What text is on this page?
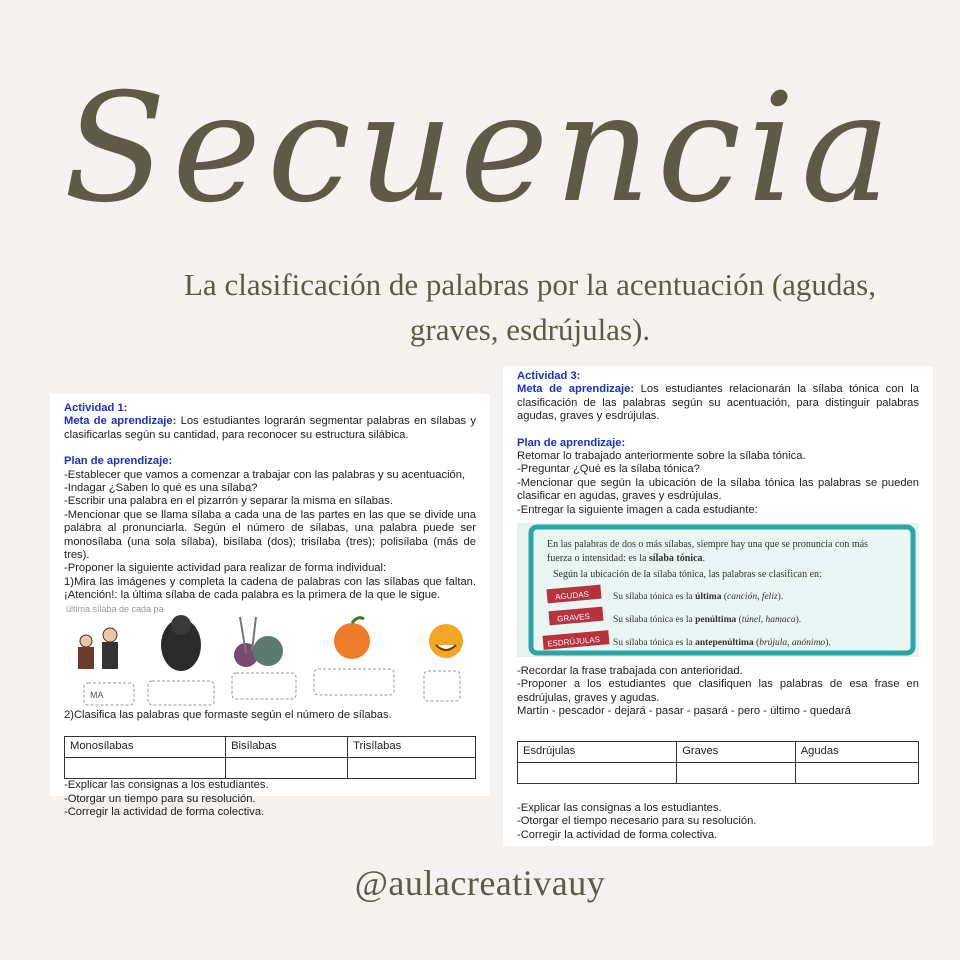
Secuencia
La clasificación de palabras por la acentuación (agudas,
graves, esdrújulas).

Actividad 1:

Meta de aprendizaje: Los estudiantes lograrán segmentar palabras en sílabas y clasificarlas según su cantidad, para reconocer su estructura silábica.

Plan de aprendizaje:

-Establecer que vamos a comenzar a trabajar con las palabras y su acentuación,

-Indagar ¿Saben lo qué es una sílaba?

-Escribir una palabra en el pizarrón y separar la misma en sílabas.

-Mencionar que se llama sílaba a cada una de las partes en las que se divide una palabra al pronunciarla. Según el número de sílabas, una palabra puede ser monosílaba (una sola sílaba), bisílaba (dos); trisílaba (tres); polisílaba (más de tres).

-Proponer la siguiente actividad para realizar de forma individual:

1)Mira las imágenes y completa la cadena de palabras con las sílabas que faltan. ¡Atención!: la última sílaba de cada palabra es la primera de la que le sigue.

última sílaba de cada pa
MA

2)Clasifica las palabras que formaste según el número de sílabas.

Monosílabas	Bisílabas	Trisílabas

-Explicar las consignas a los estudiantes.

-Otorgar un tiempo para su resolución.

-Corregir la actividad de forma colectiva.

Actividad 3:

Meta de aprendizaje: Los estudiantes relacionarán la sílaba tónica con la clasificación de las palabras según su acentuación, para distinguir palabras agudas, graves y esdrújulas.

Plan de aprendizaje:

Retomar lo trabajado anteriormente sobre la sílaba tónica.

-Preguntar ¿Qué es la sílaba tónica?

-Mencionar que según la ubicación de la sílaba tónica las palabras se pueden clasificar en agudas, graves y esdrújulas.

-Entregar la siguiente imagen a cada estudiante:

En las palabras de dos o más sílabas, siempre hay una que se pronuncia con más
fuerza o intensidad: es la sílaba tónica.
Según la ubicación de la sílaba tónica, las palabras se clasifican en:
AGUDAS
GRAVES
ESDRÚJULAS
Su sílaba tónica es la última (canción, feliz).
Su sílaba tónica es la penúltima (túnel, hamaca).
Su sílaba tónica es la antepenúltima (brújula, anónimo).

-Recordar la frase trabajada con anterioridad.

-Proponer a los estudiantes que clasifiquen las palabras de esa frase en esdrújulas, graves y agudas.

Martín - pescador - dejará - pasar - pasará - pero - último - quedará

Esdrújulas	Graves	Agudas

-Explicar las consignas a los estudiantes.

-Otorgar el tiempo necesario para su resolución.

-Corregir la actividad de forma colectiva.

@aulacreativauy
